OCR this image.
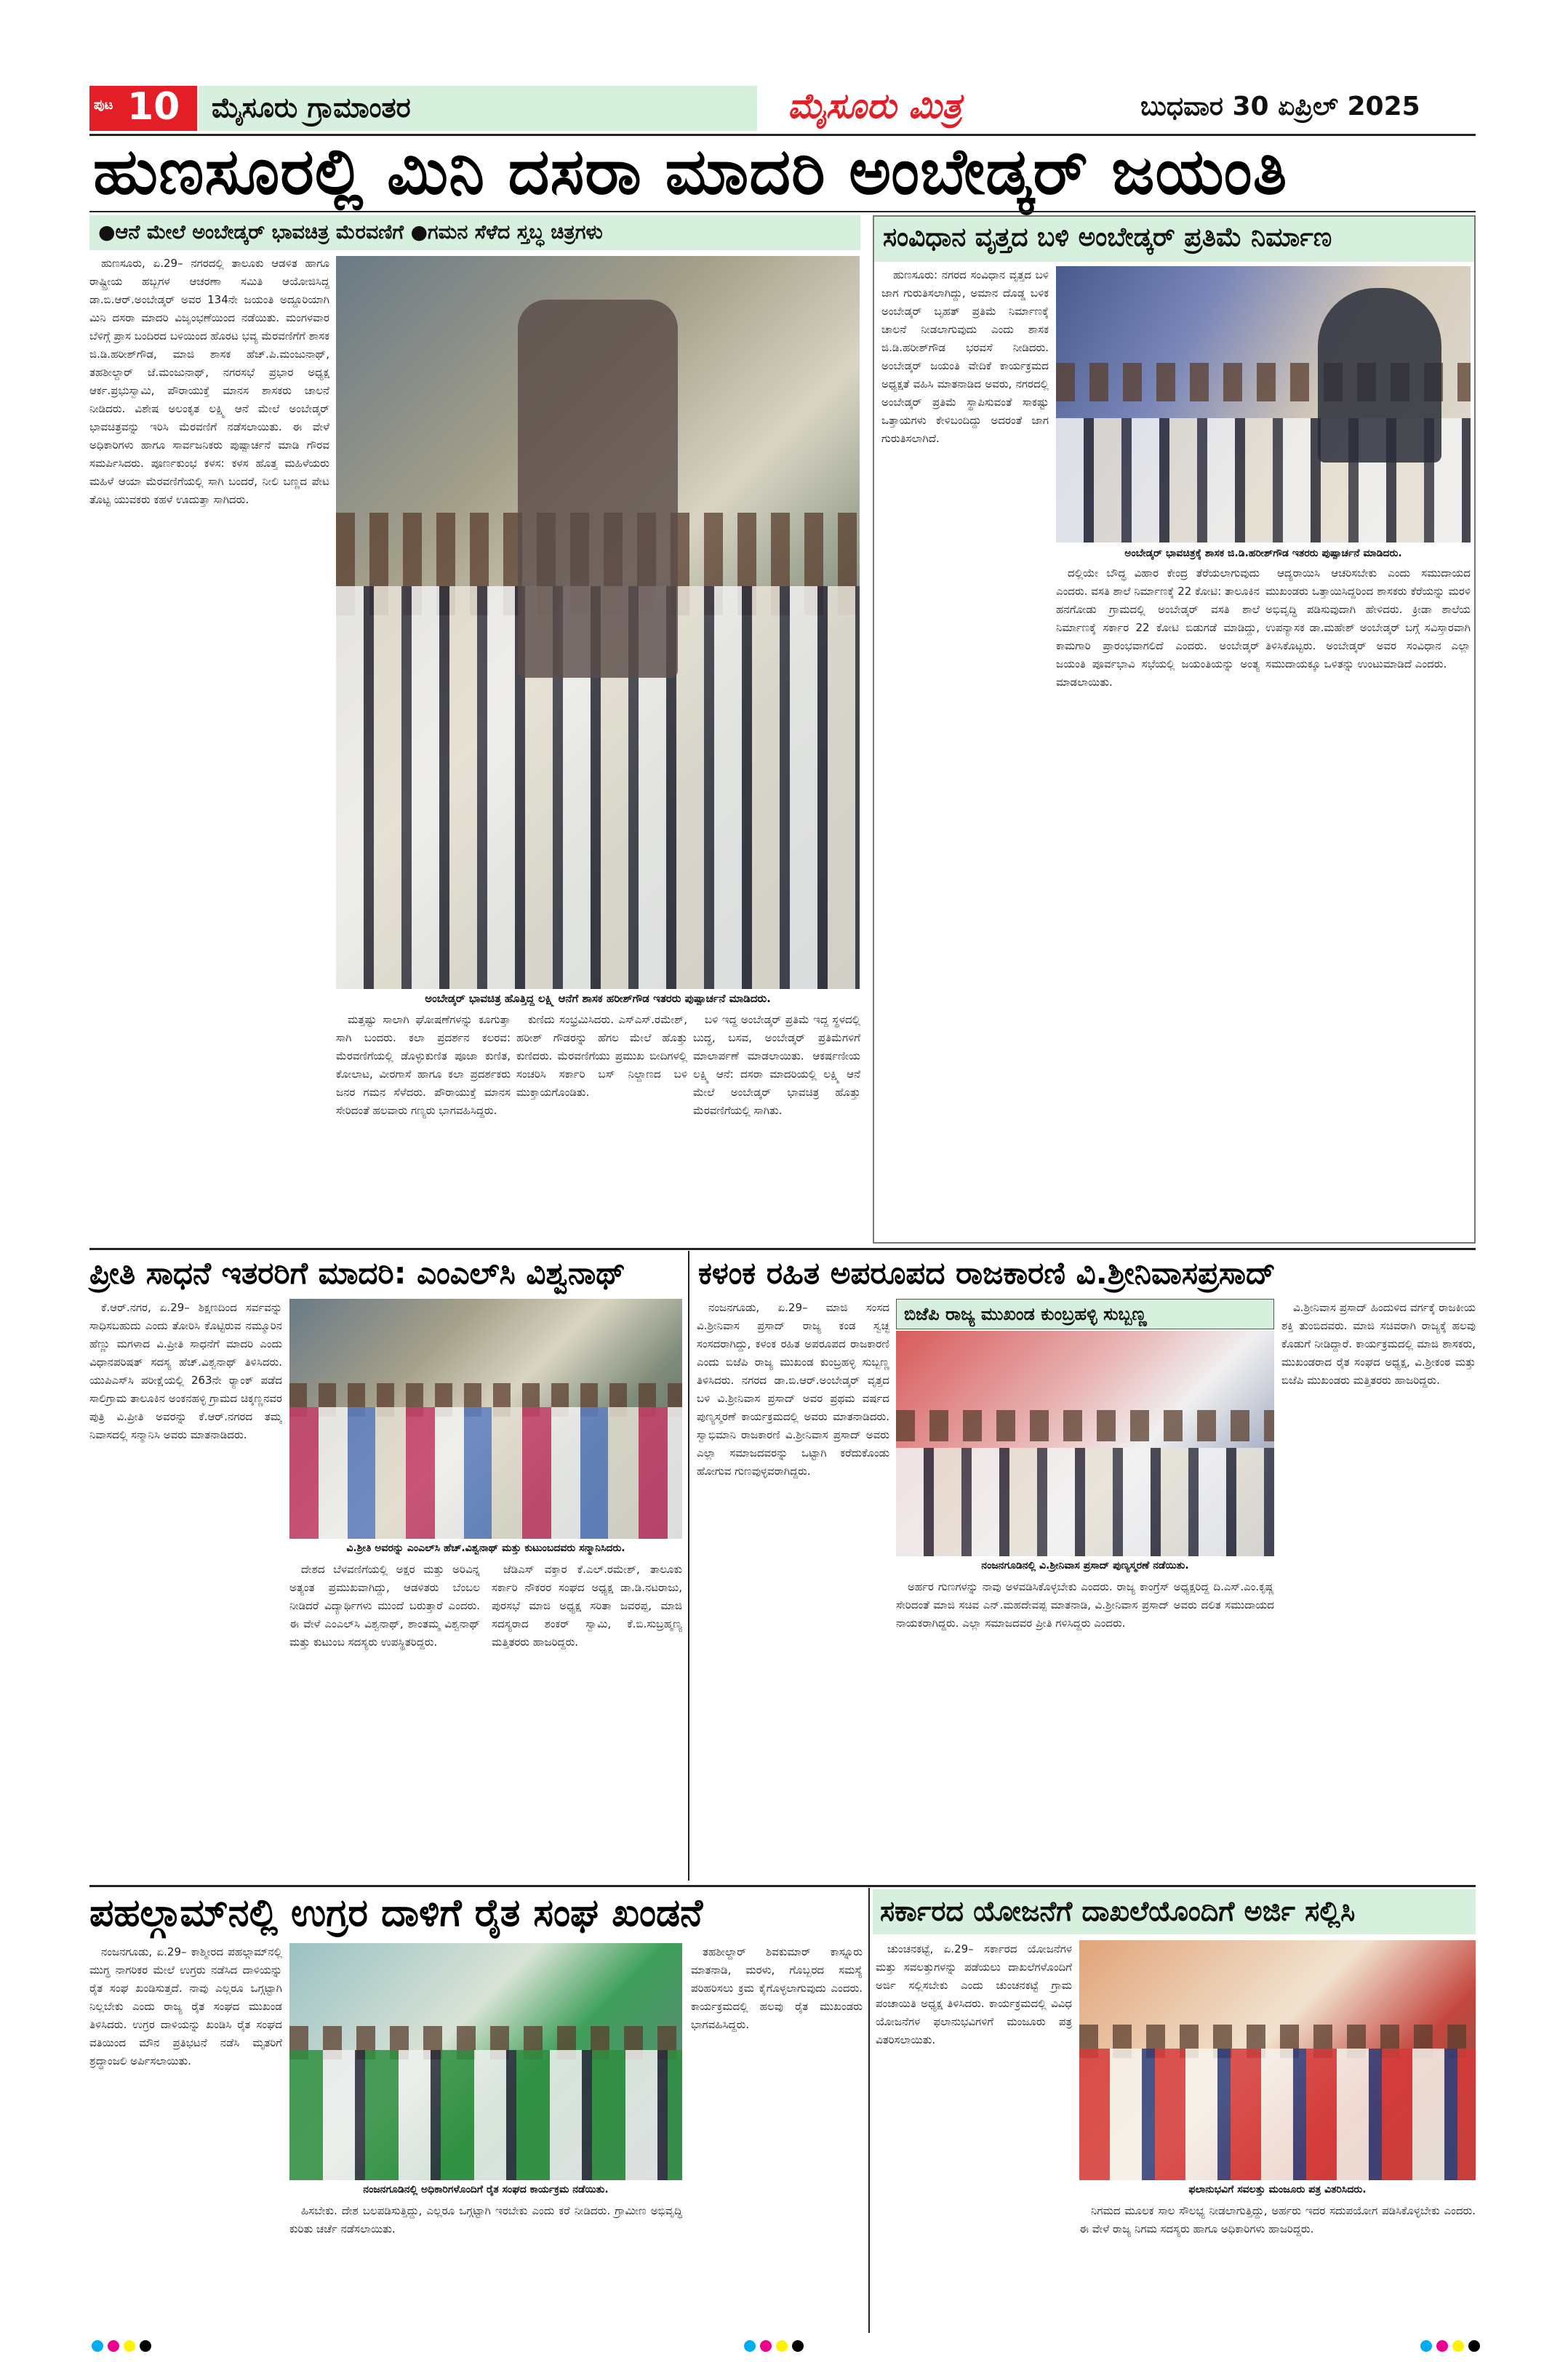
ಪುಟ 10 ಮೈಸೂರು ಗ್ರಾಮಾಂತರ	ಮೈಸೂರು ಮಿತ್ರ	ಬುಧವಾರ 30 ಏಪ್ರಿಲ್ 2025
ಹುಣಸೂರಲ್ಲಿ ಮಿನಿ ದಸರಾ ಮಾದರಿ ಅಂಬೇಡ್ಕರ್ ಜಯಂತಿ
●ಆನೆ ಮೇಲೆ ಅಂಬೇಡ್ಕರ್ ಭಾವಚಿತ್ರ ಮೆರವಣಿಗೆ ●ಗಮನ ಸೆಳೆದ ಸ್ತಬ್ಧ ಚಿತ್ರಗಳು

ಹುಣಸೂರು, ಏ.29– ನಗರದಲ್ಲಿ ತಾಲೂಕು ಆಡಳಿತ ಹಾಗೂ ರಾಷ್ಟ್ರೀಯ ಹಬ್ಬಗಳ ಆಚರಣಾ ಸಮಿತಿ ಆಯೋಜಿಸಿದ್ದ ಡಾ.ಬಿ.ಆರ್.ಅಂಬೇಡ್ಕರ್ ಅವರ 134ನೇ ಜಯಂತಿ ಅದ್ದೂರಿಯಾಗಿ ಮಿನಿ ದಸರಾ ಮಾದರಿ ವಿಜೃಂಭಣೆಯಿಂದ ನಡೆಯಿತು. ಮಂಗಳವಾರ ಬೆಳಿಗ್ಗೆ ಪ್ರಾಸ ಬಂದಿರದ ಬಳಿಯಿಂದ ಹೊರಟ ಭವ್ಯ ಮೆರವಣಿಗೆಗೆ ಶಾಸಕ ಜಿ.ಡಿ.ಹರೀಶ್‌ಗೌಡ, ಮಾಜಿ ಶಾಸಕ ಹೆಚ್.ಪಿ.ಮಂಜುನಾಥ್, ತಹಶೀಲ್ದಾರ್ ಜೆ.ಮಂಜುನಾಥ್, ನಗರಸಭೆ ಪ್ರಭಾರ ಅಧ್ಯಕ್ಷ ಆರ್ಕ.ಪ್ರಭುಸ್ವಾಮಿ, ಪೌರಾಯುಕ್ತೆ ಮಾನಸ ಶಾಸಕರು ಚಾಲನೆ ನೀಡಿದರು. ವಿಶೇಷ ಅಲಂಕೃತ ಲಕ್ಷ್ಮಿ ಆನೆ ಮೇಲೆ ಅಂಬೇಡ್ಕರ್ ಭಾವಚಿತ್ರವನ್ನು ಇರಿಸಿ ಮೆರವಣಿಗೆ ನಡೆಸಲಾಯಿತು. ಈ ವೇಳೆ ಅಧಿಕಾರಿಗಳು ಹಾಗೂ ಸಾರ್ವಜನಿಕರು ಪುಷ್ಪಾರ್ಚನೆ ಮಾಡಿ ಗೌರವ ಸಮರ್ಪಿಸಿದರು. ಪೂರ್ಣಕುಂಭ ಕಳಸ: ಕಳಸ ಹೊತ್ತ ಮಹಿಳೆಯರು ಮಹಿಳೆ ಆಯಾ ಮೆರವಣಿಗೆಯಲ್ಲಿ ಸಾಗಿ ಬಂದರೆ, ನೀಲಿ ಬಣ್ಣದ ಪೇಟ ತೊಟ್ಟ ಯುವಕರು ಕಹಳೆ ಊದುತ್ತಾ ಸಾಗಿದರು.

ಅಂಬೇಡ್ಕರ್ ಭಾವಚಿತ್ರ ಹೊತ್ತಿದ್ದ ಲಕ್ಷ್ಮಿ ಆನೆಗೆ ಶಾಸಕ ಹರೀಶ್‌ಗೌಡ ಇತರರು ಪುಷ್ಪಾರ್ಚನೆ ಮಾಡಿದರು.

ಮತ್ತಷ್ಟು ಸಾಲಾಗಿ ಘೋಷಣೆಗಳನ್ನು ಕೂಗುತ್ತಾ ಸಾಗಿ ಬಂದರು. ಕಲಾ ಪ್ರದರ್ಶನ ಕಲರವ: ಮೆರವಣಿಗೆಯಲ್ಲಿ ಡೊಳ್ಳುಕುಣಿತ ಪೂಜಾ ಕುಣಿತ, ಕೋಲಾಟ, ವೀರಗಾಸೆ ಹಾಗೂ ಕಲಾ ಪ್ರದರ್ಶಕರು ಜನರ ಗಮನ ಸೆಳೆದರು. ಪೌರಾಯುಕ್ತೆ ಮಾನಸ ಸೇರಿದಂತೆ ಹಲವಾರು ಗಣ್ಯರು ಭಾಗವಹಿಸಿದ್ದರು.

ಕುಣಿದು ಸಂಭ್ರಮಿಸಿದರು. ಎಸ್‌ಎಸ್.ರಮೇಶ್, ಹರೀಶ್ ಗೌಡರನ್ನು ಹೆಗಲ ಮೇಲೆ ಹೊತ್ತು ಕುಣಿದರು. ಮೆರವಣಿಗೆಯು ಪ್ರಮುಖ ಬೀದಿಗಳಲ್ಲಿ ಸಂಚರಿಸಿ ಸರ್ಕಾರಿ ಬಸ್ ನಿಲ್ದಾಣದ ಬಳಿ ಮುಕ್ತಾಯಗೊಂಡಿತು.

ಬಳಿ ಇದ್ದ ಅಂಬೇಡ್ಕರ್ ಪ್ರತಿಮೆ ಇದ್ದ ಸ್ಥಳದಲ್ಲಿ ಬುದ್ಧ, ಬಸವ, ಅಂಬೇಡ್ಕರ್ ಪ್ರತಿಮೆಗಳಿಗೆ ಮಾಲಾರ್ಪಣೆ ಮಾಡಲಾಯಿತು. ಆಕರ್ಷಣೀಯ ಲಕ್ಷ್ಮಿ ಆನೆ: ದಸರಾ ಮಾದರಿಯಲ್ಲಿ ಲಕ್ಷ್ಮಿ ಆನೆ ಮೇಲೆ ಅಂಬೇಡ್ಕರ್ ಭಾವಚಿತ್ರ ಹೊತ್ತು ಮೆರವಣಿಗೆಯಲ್ಲಿ ಸಾಗಿತು.

ಸಂವಿಧಾನ ವೃತ್ತದ ಬಳಿ ಅಂಬೇಡ್ಕರ್ ಪ್ರತಿಮೆ ನಿರ್ಮಾಣ

ಹುಣಸೂರು: ನಗರದ ಸಂವಿಧಾನ ವೃತ್ತದ ಬಳಿ ಜಾಗ ಗುರುತಿಸಲಾಗಿದ್ದು, ಅಮಾನ ದೊಡ್ಡ ಬಳಿಕ ಅಂಬೇಡ್ಕರ್ ಬೃಹತ್ ಪ್ರತಿಮೆ ನಿರ್ಮಾಣಕ್ಕೆ ಚಾಲನೆ ನೀಡಲಾಗುವುದು ಎಂದು ಶಾಸಕ ಜಿ.ಡಿ.ಹರೀಶ್‌ಗೌಡ ಭರವಸೆ ನೀಡಿದರು. ಅಂಬೇಡ್ಕರ್ ಜಯಂತಿ ವೇದಿಕೆ ಕಾರ್ಯಕ್ರಮದ ಅಧ್ಯಕ್ಷತೆ ವಹಿಸಿ ಮಾತನಾಡಿದ ಅವರು, ನಗರದಲ್ಲಿ ಅಂಬೇಡ್ಕರ್ ಪ್ರತಿಮೆ ಸ್ಥಾಪಿಸುವಂತೆ ಸಾಕಷ್ಟು ಒತ್ತಾಯಗಳು ಕೇಳಿಬಂದಿದ್ದು ಅದರಂತೆ ಜಾಗ ಗುರುತಿಸಲಾಗಿದೆ.

ಅಂಬೇಡ್ಕರ್ ಭಾವಚಿತ್ರಕ್ಕೆ ಶಾಸಕ ಜಿ.ಡಿ.ಹರೀಶ್‌ಗೌಡ ಇತರರು ಪುಷ್ಪಾರ್ಚನೆ ಮಾಡಿದರು.

ದಲ್ಲಿಯೇ ಬೌದ್ಧ ವಿಹಾರ ಕೇಂದ್ರ ತೆರೆಯಲಾಗುವುದು ಎಂದರು. ವಸತಿ ಶಾಲೆ ನಿರ್ಮಾಣಕ್ಕೆ 22 ಕೋಟಿ: ತಾಲೂಕಿನ ಹನಗೋಡು ಗ್ರಾಮದಲ್ಲಿ ಅಂಬೇಡ್ಕರ್ ವಸತಿ ಶಾಲೆ ನಿರ್ಮಾಣಕ್ಕೆ ಸರ್ಕಾರ 22 ಕೋಟಿ ಬಿಡುಗಡೆ ಮಾಡಿದ್ದು, ಕಾಮಗಾರಿ ಪ್ರಾರಂಭವಾಗಲಿದೆ ಎಂದರು. ಅಂಬೇಡ್ಕರ್ ಜಯಂತಿ ಪೂರ್ವಭಾವಿ ಸಭೆಯಲ್ಲಿ ಜಯಂತಿಯನ್ನು ಅಂತ್ಯ ಮಾಡಲಾಯಿತು.

ಆದ್ಯರಾಯಿಸಿ ಆಚರಿಸಬೇಕು ಎಂದು ಸಮುದಾಯದ ಮುಖಂಡರು ಒತ್ತಾಯಿಸಿದ್ದರಿಂದ ಶಾಸಕರು ಕೆರೆಯನ್ನು ಮರಳಿ ಅಭಿವೃದ್ಧಿ ಪಡಿಸುವುದಾಗಿ ಹೇಳಿದರು. ಕ್ರೀಡಾ ಶಾಲೆಯ ಉಪನ್ಯಾಸಕ ಡಾ.ಮಹೇಶ್ ಅಂಬೇಡ್ಕರ್ ಬಗ್ಗೆ ಸವಿಸ್ತಾರವಾಗಿ ತಿಳಿಸಿಕೊಟ್ಟರು. ಅಂಬೇಡ್ಕರ್ ಅವರ ಸಂವಿಧಾನ ಎಲ್ಲಾ ಸಮುದಾಯಕ್ಕೂ ಒಳಿತನ್ನು ಉಂಟುಮಾಡಿದೆ ಎಂದರು.

ಪ್ರೀತಿ ಸಾಧನೆ ಇತರರಿಗೆ ಮಾದರಿ: ಎಂಎಲ್‌ಸಿ ವಿಶ್ವನಾಥ್

ಕೆ.ಆರ್.ನಗರ, ಏ.29– ಶಿಕ್ಷಣದಿಂದ ಸರ್ವವನ್ನು ಸಾಧಿಸಬಹುದು ಎಂದು ತೋರಿಸಿ ಕೊಟ್ಟಿರುವ ನಮ್ಮೂರಿನ ಹೆಣ್ಣು ಮಗಳಾದ ವಿ.ಪ್ರೀತಿ ಸಾಧನೆಗೆ ಮಾದರಿ ಎಂದು ವಿಧಾನಪರಿಷತ್ ಸದಸ್ಯ ಹೆಚ್.ವಿಶ್ವನಾಥ್ ತಿಳಿಸಿದರು. ಯುಪಿಎಸ್‌ಸಿ ಪರೀಕ್ಷೆಯಲ್ಲಿ 263ನೇ ರ‍್ಯಾಂಕ್ ಪಡೆದ ಸಾಲಿಗ್ರಾಮ ತಾಲೂಕಿನ ಅಂಕನಹಳ್ಳಿ ಗ್ರಾಮದ ಚಿಕ್ಕಣ್ಣನವರ ಪುತ್ರಿ ವಿ.ಪ್ರೀತಿ ಅವರನ್ನು ಕೆ.ಆರ್.ನಗರದ ತಮ್ಮ ನಿವಾಸದಲ್ಲಿ ಸನ್ಮಾನಿಸಿ ಅವರು ಮಾತನಾಡಿದರು.

ವಿ.ಶ್ರೀತಿ ಅವರನ್ನು ಎಂಎಲ್‌ಸಿ ಹೆಚ್.ವಿಶ್ವನಾಥ್ ಮತ್ತು ಕುಟುಂಬದವರು ಸನ್ಮಾನಿಸಿದರು.

ದೇಶದ ಬೆಳವಣಿಗೆಯಲ್ಲಿ ಅಕ್ಷರ ಮತ್ತು ಅರಿವಿನ್ನ ಅತ್ಯಂತ ಪ್ರಮುಖವಾಗಿದ್ದು, ಆಡಳಿತರು ಬೆಂಬಲ ನೀಡಿದರೆ ವಿದ್ಯಾರ್ಥಿಗಳು ಮುಂದೆ ಬರುತ್ತಾರೆ ಎಂದರು. ಈ ವೇಳೆ ಎಂಎಲ್‌ಸಿ ವಿಶ್ವನಾಥ್, ಶಾಂತಮ್ಮ ವಿಶ್ವನಾಥ್ ಮತ್ತು ಕುಟುಂಬ ಸದಸ್ಯರು ಉಪಸ್ಥಿತರಿದ್ದರು.

ಜೆಡಿಎಸ್ ವಕ್ತಾರ ಕೆ.ಎಲ್.ರಮೇಶ್, ತಾಲೂಕು ಸರ್ಕಾರಿ ನೌಕರರ ಸಂಘದ ಅಧ್ಯಕ್ಷ ಡಾ.ಡಿ.ನಟರಾಜು, ಪುರಸಭೆ ಮಾಜಿ ಅಧ್ಯಕ್ಷ ಸರಿತಾ ಜವರಪ್ಪ, ಮಾಜಿ ಸದಸ್ಯರಾದ ಶಂಕರ್ ಸ್ವಾಮಿ, ಕೆ.ಬಿ.ಸುಬ್ರಹ್ಮಣ್ಯ ಮತ್ತಿತರರು ಹಾಜರಿದ್ದರು.

ಕಳಂಕ ರಹಿತ ಅಪರೂಪದ ರಾಜಕಾರಣಿ ವಿ.ಶ್ರೀನಿವಾಸಪ್ರಸಾದ್

ನಂಜನಗೂಡು, ಏ.29– ಮಾಜಿ ಸಂಸದ ವಿ.ಶ್ರೀನಿವಾಸ ಪ್ರಸಾದ್ ರಾಜ್ಯ ಕಂಡ ಸ್ವಚ್ಛ ಸಂಸದರಾಗಿದ್ದು, ಕಳಂಕ ರಹಿತ ಅಪರೂಪದ ರಾಜಕಾರಣಿ ಎಂದು ಬಿಜೆಪಿ ರಾಜ್ಯ ಮುಖಂಡ ಕುಂಬ್ರಹಳ್ಳಿ ಸುಬ್ಬಣ್ಣ ತಿಳಿಸಿದರು. ನಗರದ ಡಾ.ಬಿ.ಆರ್.ಅಂಬೇಡ್ಕರ್ ವೃತ್ತದ ಬಳಿ ವಿ.ಶ್ರೀನಿವಾಸ ಪ್ರಸಾದ್ ಅವರ ಪ್ರಥಮ ವರ್ಷದ ಪುಣ್ಯಸ್ಮರಣೆ ಕಾರ್ಯಕ್ರಮದಲ್ಲಿ ಅವರು ಮಾತನಾಡಿದರು. ಸ್ವಾಭಿಮಾನಿ ರಾಜಕಾರಣಿ ವಿ.ಶ್ರೀನಿವಾಸ ಪ್ರಸಾದ್ ಅವರು ಎಲ್ಲಾ ಸಮಾಜದವರನ್ನು ಒಟ್ಟಾಗಿ ಕರೆದುಕೊಂಡು ಹೋಗುವ ಗುಣವುಳ್ಳವರಾಗಿದ್ದರು.

ಬಿಜೆಪಿ ರಾಜ್ಯ ಮುಖಂಡ ಕುಂಬ್ರಹಳ್ಳಿ ಸುಬ್ಬಣ್ಣ
ನಂಜನಗೂಡಿನಲ್ಲಿ ವಿ.ಶ್ರೀನಿವಾಸ ಪ್ರಸಾದ್ ಪುಣ್ಯಸ್ಮರಣೆ ನಡೆಯಿತು.

ಅರ್ಹರ ಗುಣಗಳನ್ನು ನಾವು ಅಳವಡಿಸಿಕೊಳ್ಳಬೇಕು ಎಂದರು. ರಾಜ್ಯ ಕಾಂಗ್ರೆಸ್ ಅಧ್ಯಕ್ಷರಿದ್ದ ದಿ.ಎಸ್.ಎಂ.ಕೃಷ್ಣ ಸೇರಿದಂತೆ ಮಾಜಿ ಸಚಿವ ಎನ್.ಮಹದೇವಪ್ಪ ಮಾತನಾಡಿ, ವಿ.ಶ್ರೀನಿವಾಸ ಪ್ರಸಾದ್ ಅವರು ದಲಿತ ಸಮುದಾಯದ ನಾಯಕರಾಗಿದ್ದರು. ಎಲ್ಲಾ ಸಮಾಜದವರ ಪ್ರೀತಿ ಗಳಿಸಿದ್ದರು ಎಂದರು.

ವಿ.ಶ್ರೀನಿವಾಸ ಪ್ರಸಾದ್ ಹಿಂದುಳಿದ ವರ್ಗಕ್ಕೆ ರಾಜಕೀಯ ಶಕ್ತಿ ತುಂಬಿದವರು. ಮಾಜಿ ಸಚಿವರಾಗಿ ರಾಜ್ಯಕ್ಕೆ ಹಲವು ಕೊಡುಗೆ ನೀಡಿದ್ದಾರೆ. ಕಾರ್ಯಕ್ರಮದಲ್ಲಿ ಮಾಜಿ ಶಾಸಕರು, ಮುಖಂಡರಾದ ರೈತ ಸಂಘದ ಅಧ್ಯಕ್ಷ, ವಿ.ಶ್ರೀಕಂಠ ಮತ್ತು ಬಿಜೆಪಿ ಮುಖಂಡರು ಮತ್ತಿತರರು ಹಾಜರಿದ್ದರು.

ಪಹಲ್ಗಾಮ್‌ನಲ್ಲಿ ಉಗ್ರರ ದಾಳಿಗೆ ರೈತ ಸಂಘ ಖಂಡನೆ

ನಂಜನಗೂಡು, ಏ.29– ಕಾಶ್ಮೀರದ ಪಹಲ್ಗಾಮ್‌ನಲ್ಲಿ ಮುಗ್ಧ ನಾಗರಿಕರ ಮೇಲೆ ಉಗ್ರರು ನಡೆಸಿದ ದಾಳಿಯನ್ನು ರೈತ ಸಂಘ ಖಂಡಿಸುತ್ತದೆ. ನಾವು ಎಲ್ಲರೂ ಒಗ್ಗಟ್ಟಾಗಿ ನಿಲ್ಲಬೇಕು ಎಂದು ರಾಜ್ಯ ರೈತ ಸಂಘದ ಮುಖಂಡ ತಿಳಿಸಿದರು. ಉಗ್ರರ ದಾಳಿಯನ್ನು ಖಂಡಿಸಿ ರೈತ ಸಂಘದ ವತಿಯಿಂದ ಮೌನ ಪ್ರತಿಭಟನೆ ನಡೆಸಿ ಮೃತರಿಗೆ ಶ್ರದ್ಧಾಂಜಲಿ ಅರ್ಪಿಸಲಾಯಿತು.

ನಂಜನಗೂಡಿನಲ್ಲಿ ಅಧಿಕಾರಿಗಳೊಂದಿಗೆ ರೈತ ಸಂಘದ ಕಾರ್ಯಕ್ರಮ ನಡೆಯಿತು.

ಹಿಸಬೇಕು. ದೇಶ ಬಲಪಡಿಸುತ್ತಿದ್ದು, ಎಲ್ಲರೂ ಒಗ್ಗಟ್ಟಾಗಿ ಇರಬೇಕು ಎಂದು ಕರೆ ನೀಡಿದರು. ಗ್ರಾಮೀಣ ಅಭಿವೃದ್ಧಿ ಕುರಿತು ಚರ್ಚೆ ನಡೆಸಲಾಯಿತು.

ತಹಶೀಲ್ದಾರ್ ಶಿವಕುಮಾರ್ ಕಾಸ್ನೂರು ಮಾತನಾಡಿ, ಮರಳು, ಗೊಬ್ಬರದ ಸಮಸ್ಯೆ ಪರಿಹರಿಸಲು ಕ್ರಮ ಕೈಗೊಳ್ಳಲಾಗುವುದು ಎಂದರು. ಕಾರ್ಯಕ್ರಮದಲ್ಲಿ ಹಲವು ರೈತ ಮುಖಂಡರು ಭಾಗವಹಿಸಿದ್ದರು.

ಸರ್ಕಾರದ ಯೋಜನೆಗೆ ದಾಖಲೆಯೊಂದಿಗೆ ಅರ್ಜಿ ಸಲ್ಲಿಸಿ

ಚುಂಚನಕಟ್ಟೆ, ಏ.29– ಸರ್ಕಾರದ ಯೋಜನೆಗಳ ಮತ್ತು ಸವಲತ್ತುಗಳನ್ನು ಪಡೆಯಲು ದಾಖಲೆಗಳೊಂದಿಗೆ ಅರ್ಜಿ ಸಲ್ಲಿಸಬೇಕು ಎಂದು ಚುಂಚನಕಟ್ಟೆ ಗ್ರಾಮ ಪಂಚಾಯಿತಿ ಅಧ್ಯಕ್ಷ ತಿಳಿಸಿದರು. ಕಾರ್ಯಕ್ರಮದಲ್ಲಿ ವಿವಿಧ ಯೋಜನೆಗಳ ಫಲಾನುಭವಿಗಳಿಗೆ ಮಂಜೂರು ಪತ್ರ ವಿತರಿಸಲಾಯಿತು.

ಫಲಾನುಭವಿಗೆ ಸವಲತ್ತು ಮಂಜೂರು ಪತ್ರ ವಿತರಿಸಿದರು.

ನಿಗಮದ ಮೂಲಕ ಸಾಲ ಸೌಲಭ್ಯ ನೀಡಲಾಗುತ್ತಿದ್ದು, ಅರ್ಹರು ಇದರ ಸದುಪಯೋಗ ಪಡಿಸಿಕೊಳ್ಳಬೇಕು ಎಂದರು. ಈ ವೇಳೆ ರಾಜ್ಯ ನಿಗಮ ಸದಸ್ಯರು ಹಾಗೂ ಅಧಿಕಾರಿಗಳು ಹಾಜರಿದ್ದರು.
